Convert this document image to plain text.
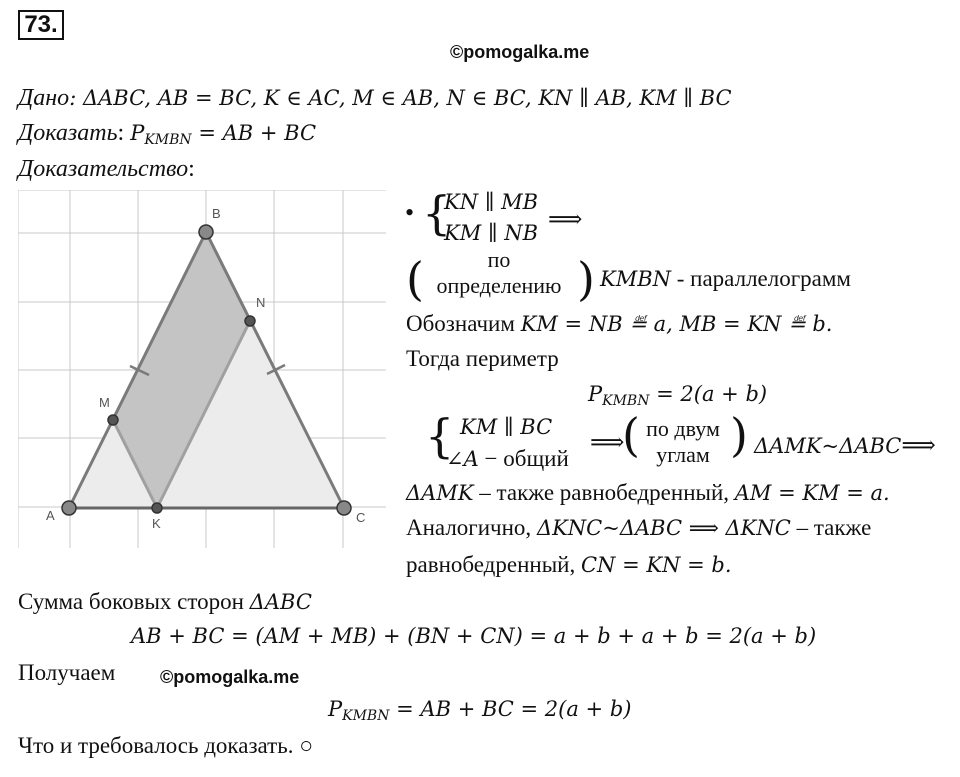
73.
©pomogalka.me
Дано: ΔABC, AB = BC, K ∈ AC, M ∈ AB, N ∈ BC, KN ∥ AB, KM ∥ BC
Доказать: $P_{KMBN}$ = AB + BC
Доказательство:
A
B
C
K
M
N
• {
KN ∥ MB
KM ∥ NB ⟹
(	по
определению ) KMBN - параллелограмм
Обозначим KM = NB ≝ a, MB = KN ≝ b.
Тогда периметр
$P_{KMBN} = 2(a + b)$
{ KM ∥ BC
∠A − общий
⟹
( по двум
углам ) ΔAMK~ΔABC⟹
ΔAMK – также равнобедренный, AM = KM = a.
Аналогично, ΔKNC~ΔABC ⟹ ΔKNC – также
равнобедренный, CN = KN = b.
Сумма боковых сторон ΔABC
AB + BC = (AM + MB) + (BN + CN) = a + b + a + b = 2(a + b)
Получаем ©pomogalka.me
$P_{KMBN}$ = AB + BC = 2(a + b)
Что и требовалось доказать. ○
